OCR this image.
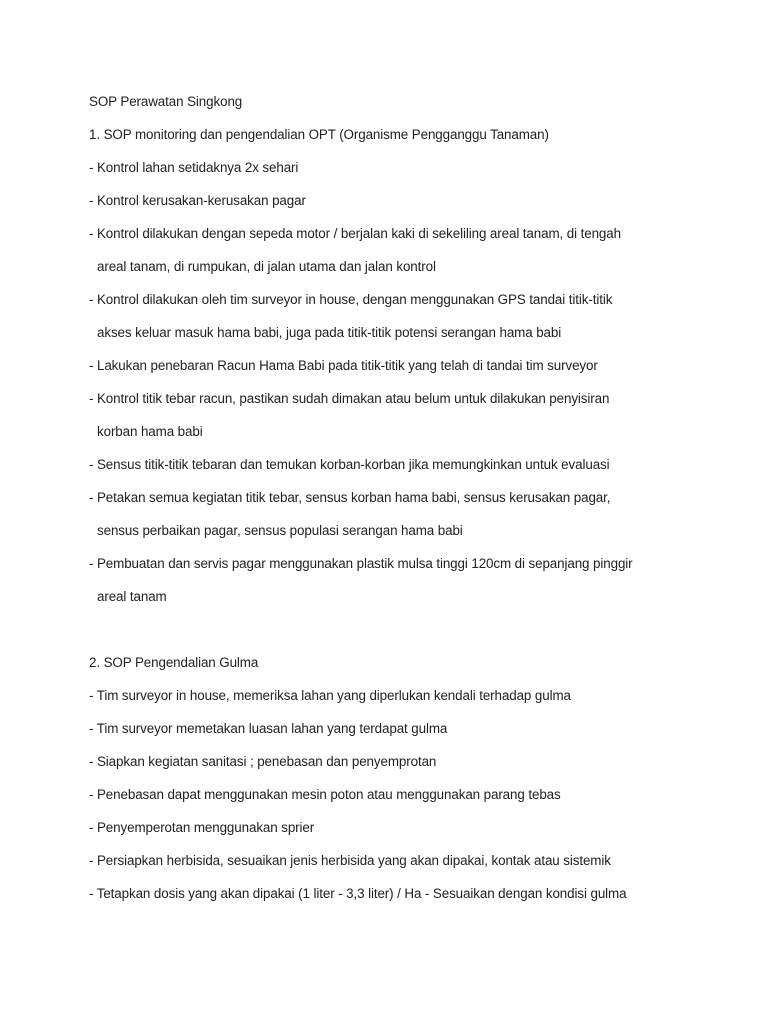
SOP Perawatan Singkong
1. SOP monitoring dan pengendalian OPT (Organisme Pengganggu Tanaman)
- Kontrol lahan setidaknya 2x sehari
- Kontrol kerusakan-kerusakan pagar
- Kontrol dilakukan dengan sepeda motor / berjalan kaki di sekeliling areal tanam, di tengah
areal tanam, di rumpukan, di jalan utama dan jalan kontrol
- Kontrol dilakukan oleh tim surveyor in house, dengan menggunakan GPS tandai titik-titik
akses keluar masuk hama babi, juga pada titik-titik potensi serangan hama babi
- Lakukan penebaran Racun Hama Babi pada titik-titik yang telah di tandai tim surveyor
- Kontrol titik tebar racun, pastikan sudah dimakan atau belum untuk dilakukan penyisiran
korban hama babi
- Sensus titik-titik tebaran dan temukan korban-korban jika memungkinkan untuk evaluasi
- Petakan semua kegiatan titik tebar, sensus korban hama babi, sensus kerusakan pagar,
sensus perbaikan pagar, sensus populasi serangan hama babi
- Pembuatan dan servis pagar menggunakan plastik mulsa tinggi 120cm di sepanjang pinggir
areal tanam
2. SOP Pengendalian Gulma
- Tim surveyor in house, memeriksa lahan yang diperlukan kendali terhadap gulma
- Tim surveyor memetakan luasan lahan yang terdapat gulma
- Siapkan kegiatan sanitasi ; penebasan dan penyemprotan
- Penebasan dapat menggunakan mesin poton atau menggunakan parang tebas
- Penyemperotan menggunakan sprier
- Persiapkan herbisida, sesuaikan jenis herbisida yang akan dipakai, kontak atau sistemik
- Tetapkan dosis yang akan dipakai (1 liter - 3,3 liter) / Ha - Sesuaikan dengan kondisi gulma
